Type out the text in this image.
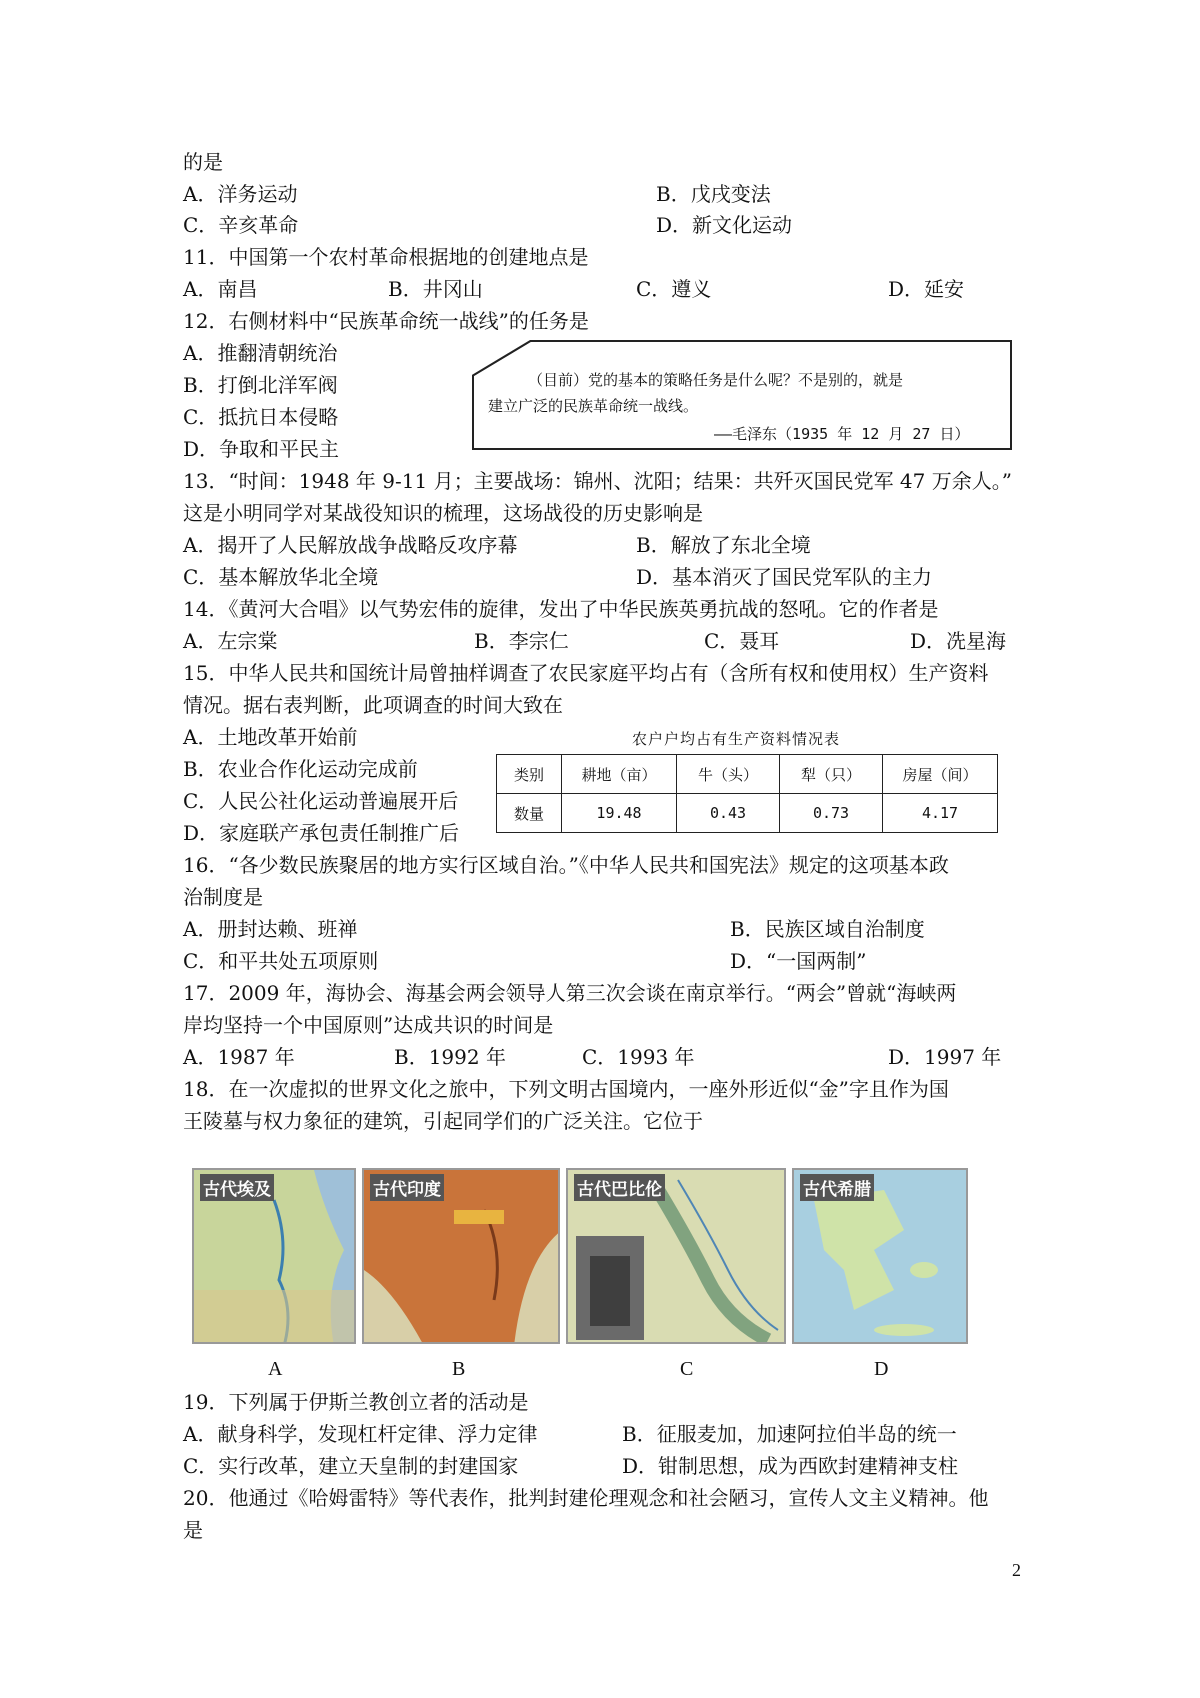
的是
A．洋务运动	B．戊戌变法
C．辛亥革命	D．新文化运动
11．中国第一个农村革命根据地的创建地点是
A．南昌	B．井冈山	C．遵义	D．延安
12．右侧材料中“民族革命统一战线”的任务是
A．推翻清朝统治
B．打倒北洋军阀
C．抵抗日本侵略
D．争取和平民主
（目前）党的基本的策略任务是什么呢？不是别的，就是
建立广泛的民族革命统一战线。
——毛泽东（1935 年 12 月 27 日）
13．“时间：1948 年 9-11 月；主要战场：锦州、沈阳；结果：共歼灭国民党军 47 万余人。”
这是小明同学对某战役知识的梳理，这场战役的历史影响是
A．揭开了人民解放战争战略反攻序幕	B．解放了东北全境
C．基本解放华北全境	D．基本消灭了国民党军队的主力
14．《黄河大合唱》以气势宏伟的旋律，发出了中华民族英勇抗战的怒吼。它的作者是
A．左宗棠	B．李宗仁	C．聂耳	D．冼星海
15．中华人民共和国统计局曾抽样调查了农民家庭平均占有（含所有权和使用权）生产资料
情况。据右表判断，此项调查的时间大致在
A．土地改革开始前
B．农业合作化运动完成前
C．人民公社化运动普遍展开后
D．家庭联产承包责任制推广后
农户户均占有生产资料情况表
类别	耕地（亩）	牛（头）	犁（只）	房屋（间）
数量	19.48	0.43	0.73	4.17
16．“各少数民族聚居的地方实行区域自治。”《中华人民共和国宪法》规定的这项基本政
治制度是
A．册封达赖、班禅	B．民族区域自治制度
C．和平共处五项原则	D．“一国两制”
17．2009 年，海协会、海基会两会领导人第三次会谈在南京举行。“两会”曾就“海峡两
岸均坚持一个中国原则”达成共识的时间是
A．1987 年	B．1992 年	C．1993 年	D．1997 年
18．在一次虚拟的世界文化之旅中，下列文明古国境内，一座外形近似“金”字且作为国
王陵墓与权力象征的建筑，引起同学们的广泛关注。它位于
古代埃及	古代印度	古代巴比伦	古代希腊
A	B	C	D
19．下列属于伊斯兰教创立者的活动是
A．献身科学，发现杠杆定律、浮力定律	B．征服麦加，加速阿拉伯半岛的统一
C．实行改革，建立天皇制的封建国家	D．钳制思想，成为西欧封建精神支柱
20．他通过《哈姆雷特》等代表作，批判封建伦理观念和社会陋习，宣传人文主义精神。他
是
2
